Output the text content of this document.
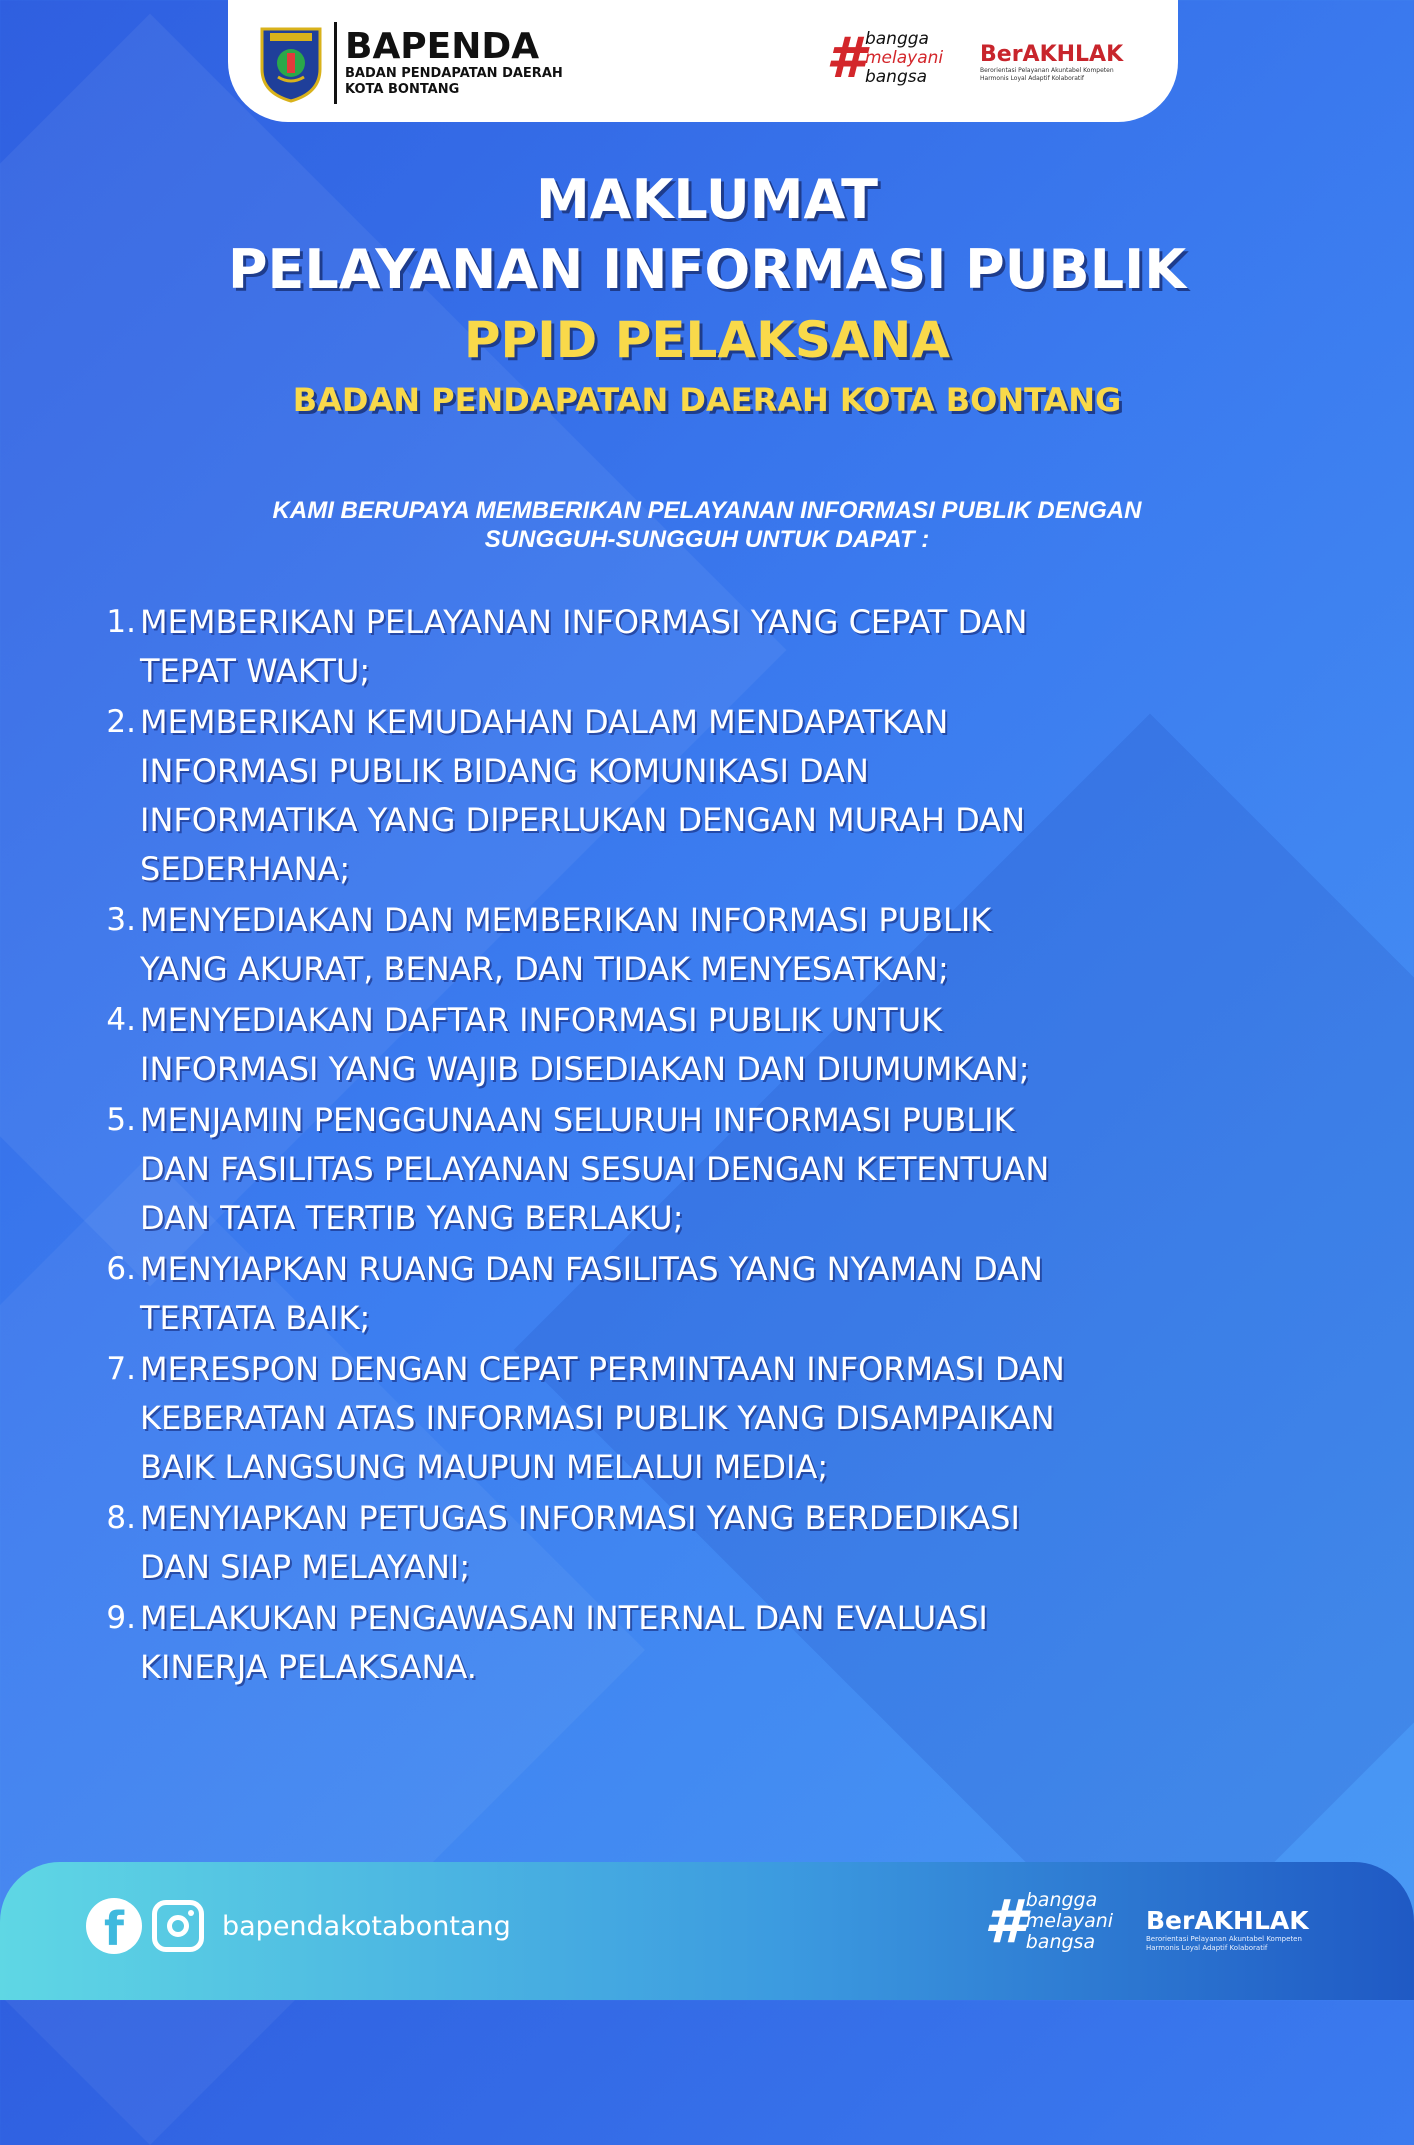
BAPENDA
BADAN PENDAPATAN DAERAH
KOTA BONTANG	# bangga
melayani
bangsa
BerAKHLAK
Berorientasi Pelayanan Akuntabel Kompeten
Harmonis Loyal Adaptif Kolaboratif
MAKLUMAT
PELAYANAN INFORMASI PUBLIK
PPID PELAKSANA
BADAN PENDAPATAN DAERAH KOTA BONTANG
KAMI BERUPAYA MEMBERIKAN PELAYANAN INFORMASI PUBLIK DENGAN
SUNGGUH-SUNGGUH UNTUK DAPAT :
1. MEMBERIKAN PELAYANAN INFORMASI YANG CEPAT DAN
TEPAT WAKTU;
2. MEMBERIKAN KEMUDAHAN DALAM MENDAPATKAN
INFORMASI PUBLIK BIDANG KOMUNIKASI DAN
INFORMATIKA YANG DIPERLUKAN DENGAN MURAH DAN
SEDERHANA;
3. MENYEDIAKAN DAN MEMBERIKAN INFORMASI PUBLIK
YANG AKURAT, BENAR, DAN TIDAK MENYESATKAN;
4. MENYEDIAKAN DAFTAR INFORMASI PUBLIK UNTUK
INFORMASI YANG WAJIB DISEDIAKAN DAN DIUMUMKAN;
5. MENJAMIN PENGGUNAAN SELURUH INFORMASI PUBLIK
DAN FASILITAS PELAYANAN SESUAI DENGAN KETENTUAN
DAN TATA TERTIB YANG BERLAKU;
6. MENYIAPKAN RUANG DAN FASILITAS YANG NYAMAN DAN
TERTATA BAIK;
7. MERESPON DENGAN CEPAT PERMINTAAN INFORMASI DAN
KEBERATAN ATAS INFORMASI PUBLIK YANG DISAMPAIKAN
BAIK LANGSUNG MAUPUN MELALUI MEDIA;
8. MENYIAPKAN PETUGAS INFORMASI YANG BERDEDIKASI
DAN SIAP MELAYANI;
9. MELAKUKAN PENGAWASAN INTERNAL DAN EVALUASI
KINERJA PELAKSANA.
f	bapendakotabontang	# bangga
melayani
bangsa
BerAKHLAK
Berorientasi Pelayanan Akuntabel Kompeten
Harmonis Loyal Adaptif Kolaboratif
